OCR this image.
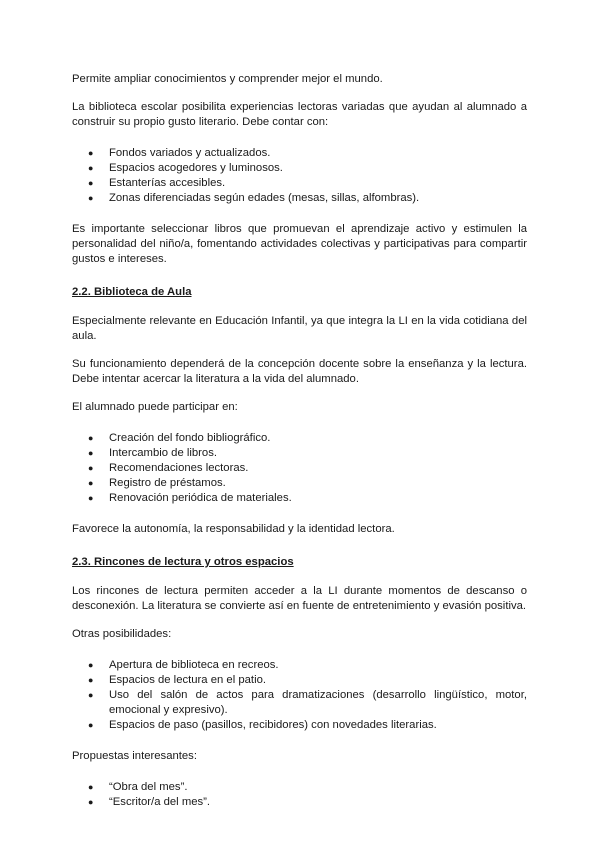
Permite ampliar conocimientos y comprender mejor el mundo.

La biblioteca escolar posibilita experiencias lectoras variadas que ayudan al alumnado a construir su propio gusto literario. Debe contar con:

● Fondos variados y actualizados.
● Espacios acogedores y luminosos.
● Estanterías accesibles.
● Zonas diferenciadas según edades (mesas, sillas, alfombras).

Es importante seleccionar libros que promuevan el aprendizaje activo y estimulen la personalidad del niño/a, fomentando actividades colectivas y participativas para compartir gustos e intereses.

2.2. Biblioteca de Aula

Especialmente relevante en Educación Infantil, ya que integra la LI en la vida cotidiana del aula.

Su funcionamiento dependerá de la concepción docente sobre la enseñanza y la lectura. Debe intentar acercar la literatura a la vida del alumnado.

El alumnado puede participar en:

● Creación del fondo bibliográfico.
● Intercambio de libros.
● Recomendaciones lectoras.
● Registro de préstamos.
● Renovación periódica de materiales.

Favorece la autonomía, la responsabilidad y la identidad lectora.

2.3. Rincones de lectura y otros espacios

Los rincones de lectura permiten acceder a la LI durante momentos de descanso o desconexión. La literatura se convierte así en fuente de entretenimiento y evasión positiva.

Otras posibilidades:

● Apertura de biblioteca en recreos.
● Espacios de lectura en el patio.
● Uso del salón de actos para dramatizaciones (desarrollo lingüístico, motor, emocional y expresivo).
● Espacios de paso (pasillos, recibidores) con novedades literarias.

Propuestas interesantes:

● “Obra del mes”.
● “Escritor/a del mes”.
